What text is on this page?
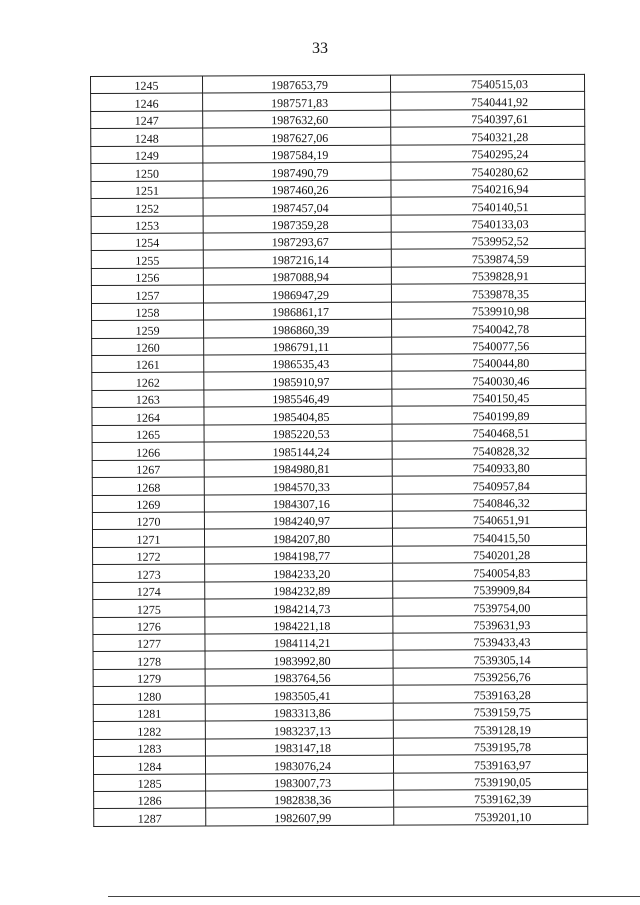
33
1245	1987653,79	7540515,03
1246	1987571,83	7540441,92
1247	1987632,60	7540397,61
1248	1987627,06	7540321,28
1249	1987584,19	7540295,24
1250	1987490,79	7540280,62
1251	1987460,26	7540216,94
1252	1987457,04	7540140,51
1253	1987359,28	7540133,03
1254	1987293,67	7539952,52
1255	1987216,14	7539874,59
1256	1987088,94	7539828,91
1257	1986947,29	7539878,35
1258	1986861,17	7539910,98
1259	1986860,39	7540042,78
1260	1986791,11	7540077,56
1261	1986535,43	7540044,80
1262	1985910,97	7540030,46
1263	1985546,49	7540150,45
1264	1985404,85	7540199,89
1265	1985220,53	7540468,51
1266	1985144,24	7540828,32
1267	1984980,81	7540933,80
1268	1984570,33	7540957,84
1269	1984307,16	7540846,32
1270	1984240,97	7540651,91
1271	1984207,80	7540415,50
1272	1984198,77	7540201,28
1273	1984233,20	7540054,83
1274	1984232,89	7539909,84
1275	1984214,73	7539754,00
1276	1984221,18	7539631,93
1277	1984114,21	7539433,43
1278	1983992,80	7539305,14
1279	1983764,56	7539256,76
1280	1983505,41	7539163,28
1281	1983313,86	7539159,75
1282	1983237,13	7539128,19
1283	1983147,18	7539195,78
1284	1983076,24	7539163,97
1285	1983007,73	7539190,05
1286	1982838,36	7539162,39
1287	1982607,99	7539201,10
